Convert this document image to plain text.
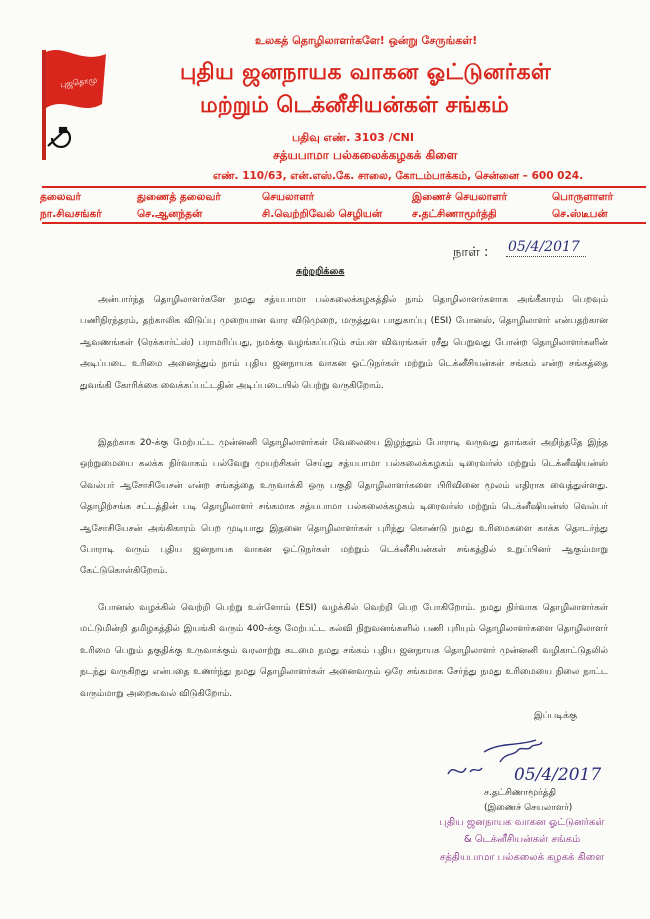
புஜதொமு
உலகத் தொழிலாளர்களே! ஒன்று சேருங்கள்!
புதிய ஜனநாயக வாகன ஓட்டுனர்கள்
மற்றும் டெக்னீசியன்கள் சங்கம்
பதிவு எண். 3103 /CNI
சத்யபாமா பல்கலைக்கழகக் கிளை
எண். 110/63, என்.எஸ்.கே. சாலை, கோடம்பாக்கம், சென்னை – 600 024.
தலைவர்
நா.சிவசங்கர்
துணைத் தலைவர்
செ.ஆனந்தன்
செயலாளர்
சி.வெற்றிவேல் செழியன்
இணைச் செயலாளர்
ச.தட்சிணாமூர்த்தி
பொருளாளர்
செ.ஸ்டீபன்
நாள் : 05/4/2017
சுற்றறிக்கை

அன்பார்ந்த தொழிலாளர்களே நமது சத்யபாமா பல்கலைக்கழகத்தில் நாம் தொழிலாளர்களாக அங்கீகாரம் பெறவும் பணிநிரந்தரம், தற்காலிக விடுப்பு முறையான வார விடுமுறை, மருத்துவ பாதுகாப்பு (ESI) போனஸ், தொழிலாளர் என்பதற்கான ஆவணங்கள் (ரெக்கார்ட்ஸ்) பராமரிப்பது, நமக்கு வழங்கப்படும் சம்பள விவரங்கள் ரசீது பெறுவது போன்ற தொழிலாளர்களின் அடிப்படை உரிமை அனைத்தும் நாம் புதிய ஜனநாயக வாகன ஓட்டுநர்கள் மற்றும் டெக்னீசியன்கள் சங்கம் என்ற சங்கத்தை துவங்கி கோரிக்கை வைக்கப்பட்டதின் அடிப்படையில் பெற்று வருகிறோம்.

இதற்காக 20-க்கு மேற்பட்ட முன்னனி தொழிலாளர்கள் வேலையை இழந்தும் போராடி வருவது தாங்கள் அறிந்ததே இந்த ஒற்றுமையை கலக்க நிர்வாகம் பல்வேறு முயற்சிகள் செய்து சத்யபாமா பல்கலைக்கழகம் டிரைவர்ஸ் மற்றும் டெக்னீஷியன்ஸ் வெல்பர் ஆசோசியேசன் என்ற சங்கத்தை உருவாக்கி ஒரு பகுதி தொழிலாளர்களை பிரிவினை மூலம் எதிராக வைத்துள்ளது. தொழிற்சங்க சட்டத்தின் படி தொழிலாளர் சங்கமாக சத்யபாமா பல்கலைக்கழகம் டிரைவர்ஸ் மற்றும் டெக்னீஷியன்ஸ் வெல்பர் ஆசோசியேசன் அங்கிகாரம் பெற முடியாது இதனை தொழிலாளர்கள் புரிந்து கொண்டு நமது உரிமைகளை காக்க தொடர்ந்து போராடி வரும் புதிய ஜனநாயக வாகன ஓட்டுநர்கள் மற்றும் டெக்னீசியன்கள் சங்கத்தில் உறுப்பினர் ஆகும்மாறு கேட்டுகொள்கிறோம்.

போனஸ் வழக்கில் வெற்றி பெற்று உள்ளோம் (ESI) வழக்கில் வெற்றி பெற போகிறோம். நமது நிர்வாக தொழிலாளர்கள் மட்டுமின்றி தமிழகத்தில் இயங்கி வரும் 400-க்கு மேற்பட்ட கல்வி நிறுவனங்களில் பணி புரியும் தொழிலாளர்களை தொழிலாளர் உரிமை பெறும் தகுதிக்கு உருவாக்கும் வரலாற்று கடமை நமது சங்கம் புதிய ஜனநாயக தொழிலாளர் முன்னனி வழிகாட்டுதலில் நடந்து வருகிறது என்பதை உணர்ந்து நமது தொழிலாளர்கள் அனைவரும் ஒரே சங்கமாக சேர்ந்து நமது உரிமையை நிலை நாட்ட வரும்மாறு அறைகூவல் விடுகிறோம்.

இப்படிக்கு
05/4/2017
ச.தட்சிணாமூர்த்தி
(இணைச் செயலாளர்)
புதிய ஜனநாயக வாகன ஓட்டுனர்கள்
& டெக்னீசியன்கள் சங்கம்
சத்தியபாமா பல்கலைக் கழகக் கிளை
